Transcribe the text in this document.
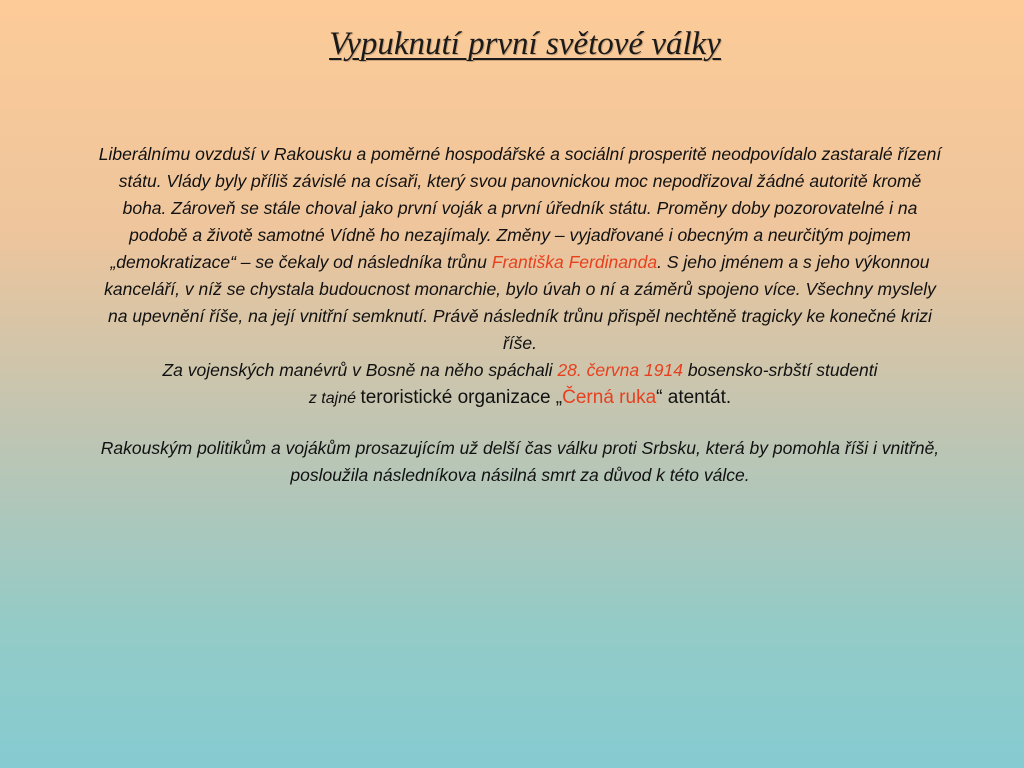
Vypuknutí první světové války
Liberálnímu ovzduší v Rakousku a poměrné hospodářské a sociální prosperitě neodpovídalo zastaralé řízení státu. Vlády byly příliš závislé na císaři, který svou panovnickou moc nepodřizoval žádné autoritě kromě boha. Zároveň se stále choval jako první voják a první úředník státu. Proměny doby pozorovatelné i na podobě a životě samotné Vídně ho nezajímaly. Změny – vyjadřované i obecným a neurčitým pojmem „demokratizace“ – se čekaly od následníka trůnu Františka Ferdinanda. S jeho jménem a s jeho výkonnou kanceláří, v níž se chystala budoucnost monarchie, bylo úvah o ní a záměrů spojeno více. Všechny myslely na upevnění říše, na její vnitřní semknutí. Právě následník trůnu přispěl nechtěně tragicky ke konečné krizi říše.
Za vojenských manévrů v Bosně na něho spáchali 28. června 1914 bosensko-srbští studenti
z tajné teroristické organizace „Černá ruka“ atentát.
Rakouským politikům a vojákům prosazujícím už delší čas válku proti Srbsku, která by pomohla říši i vnitřně, posloužila následníkova násilná smrt za důvod k této válce.
